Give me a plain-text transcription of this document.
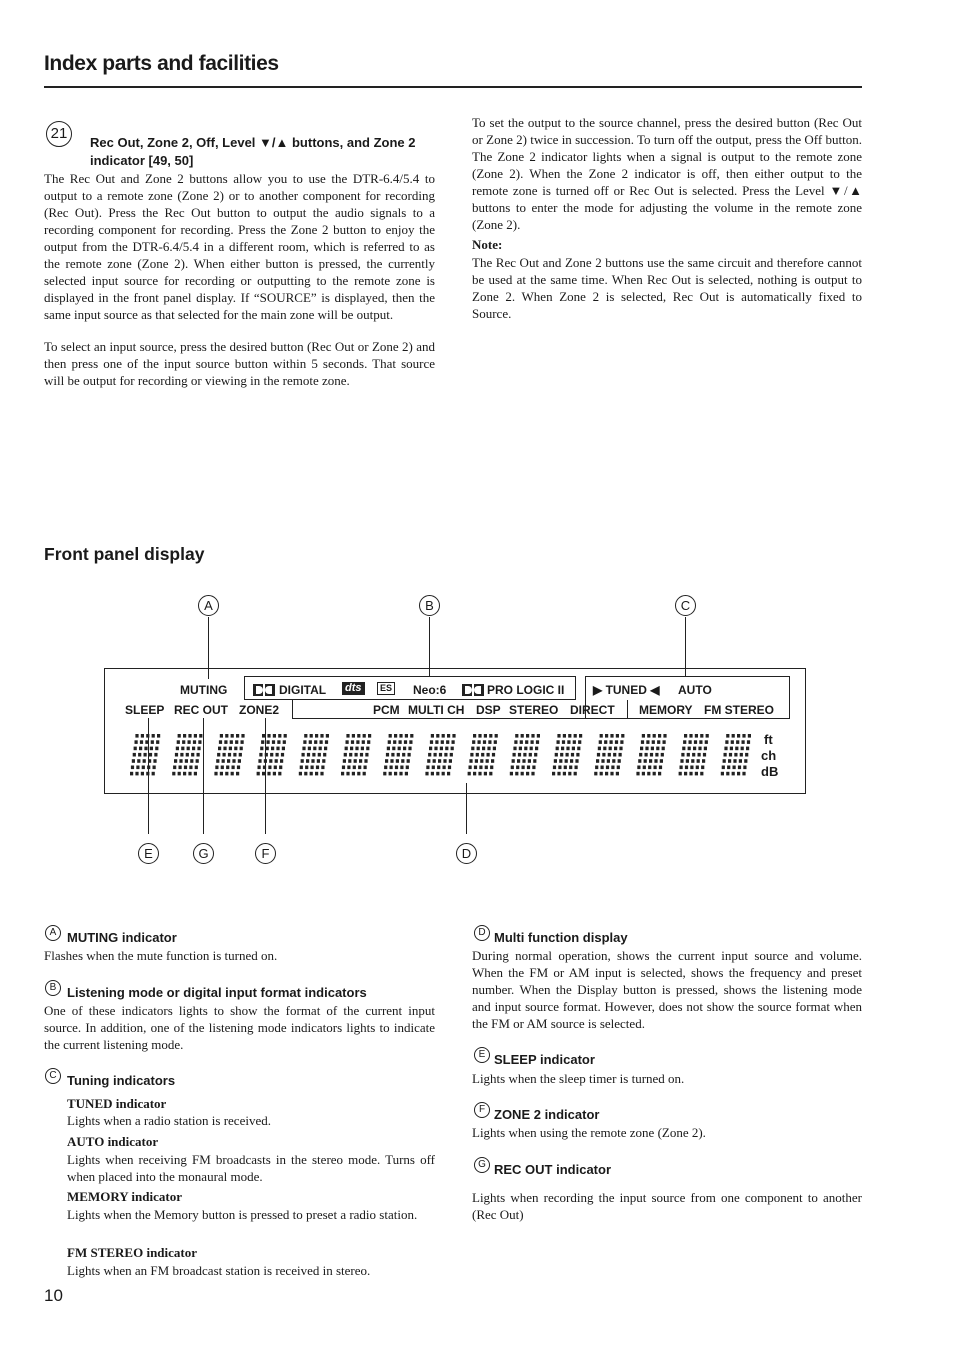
Index parts and facilities
21
Rec Out, Zone 2, Off, Level ▼/▲ buttons, and Zone 2 indicator [49, 50]
The Rec Out and Zone 2 buttons allow you to use the DTR-6.4/5.4 to output to a remote zone (Zone 2) or to another component for recording (Rec Out). Press the Rec Out button to output the audio signals to a recording component for recording. Press the Zone 2 button to enjoy the output from the DTR-6.4/5.4 in a different room, which is referred to as the remote zone (Zone 2). When either button is pressed, the currently selected input source for recording or outputting to the remote zone is displayed in the front panel display. If “SOURCE” is displayed, then the same input source as that selected for the main zone will be output.
To select an input source, press the desired button (Rec Out or Zone 2) and then press one of the input source button within 5 seconds. That source will be output for recording or viewing in the remote zone.
To set the output to the source channel, press the desired button (Rec Out or Zone 2) twice in succession. To turn off the output, press the Off button. The Zone 2 indicator lights when a signal is output to the remote zone (Zone 2). When the Zone 2 indicator is off, then either output to the remote zone is turned off or Rec Out is selected. Press the Level ▼/▲ buttons to enter the mode for adjusting the volume in the remote zone (Zone 2).
Note:
The Rec Out and Zone 2 buttons use the same circuit and therefore cannot be used at the same time. When Rec Out is selected, nothing is output to Zone 2. When Zone 2 is selected, Rec Out is automatically fixed to Source.
Front panel display
A	B	C
MUTING	DIGITAL dts	ES Neo:6	PRO LOGIC II ▶ TUNED ◀ AUTO
SLEEP REC OUT ZONE2	PCM MULTI CH DSP STEREO DIRECT MEMORY FM STEREO
ft
ch
dB
E	G	F	D
A MUTING indicator
Flashes when the mute function is turned on.
B Listening mode or digital input format indicators
One of these indicators lights to show the format of the current input source. In addition, one of the listening mode indicators lights to indicate the current listening mode.
C Tuning indicators
TUNED indicator
Lights when a radio station is received.
AUTO indicator
Lights when receiving FM broadcasts in the stereo mode. Turns off when placed into the monaural mode.
MEMORY indicator
Lights when the Memory button is pressed to preset a radio station.
FM STEREO indicator
Lights when an FM broadcast station is received in stereo.
D Multi function display
During normal operation, shows the current input source and volume. When the FM or AM input is selected, shows the frequency and preset number. When the Display button is pressed, shows the listening mode and input source format. However, does not show the source format when the FM or AM source is selected.
E SLEEP indicator
Lights when the sleep timer is turned on.
F ZONE 2 indicator
Lights when using the remote zone (Zone 2).
G REC OUT indicator
Lights when recording the input source from one component to another (Rec Out)
10
